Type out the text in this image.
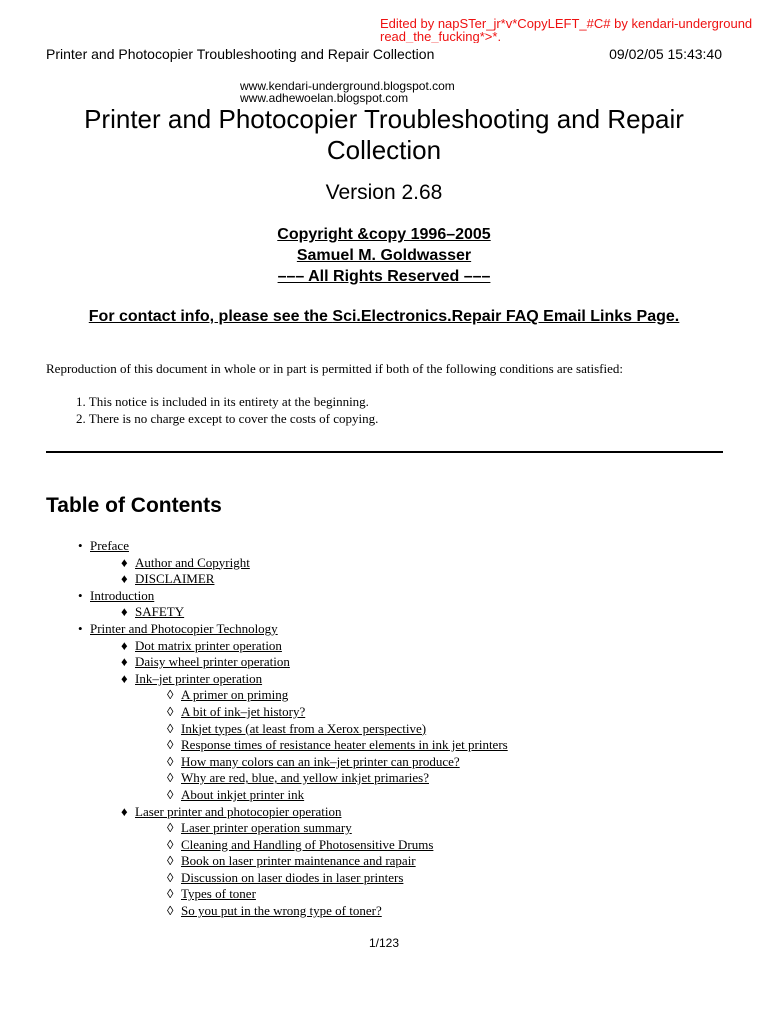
Edited by napSTer_jr*v*CopyLEFT_#C# by kendari-underground
read_the_fucking*>*.
Printer and Photocopier Troubleshooting and Repair Collection	09/02/05 15:43:40
www.kendari-underground.blogspot.com
www.adhewoelan.blogspot.com
Printer and Photocopier Troubleshooting and Repair Collection
Version 2.68
Copyright &copy 1996–2005
Samuel M. Goldwasser
––– All Rights Reserved –––
For contact info, please see the Sci.Electronics.Repair FAQ Email Links Page.

Reproduction of this document in whole or in part is permitted if both of the following conditions are satisfied:

1. This notice is included in its entirety at the beginning.
2. There is no charge except to cover the costs of copying.
Table of Contents
• Preface
♦ Author and Copyright
♦ DISCLAIMER
• Introduction
♦ SAFETY
• Printer and Photocopier Technology
♦ Dot matrix printer operation
♦ Daisy wheel printer operation
♦ Ink–jet printer operation
◊ A primer on priming
◊ A bit of ink–jet history?
◊ Inkjet types (at least from a Xerox perspective)
◊ Response times of resistance heater elements in ink jet printers
◊ How many colors can an ink–jet printer can produce?
◊ Why are red, blue, and yellow inkjet primaries?
◊ About inkjet printer ink
♦ Laser printer and photocopier operation
◊ Laser printer operation summary
◊ Cleaning and Handling of Photosensitive Drums
◊ Book on laser printer maintenance and rapair
◊ Discussion on laser diodes in laser printers
◊ Types of toner
◊ So you put in the wrong type of toner?
1/123
